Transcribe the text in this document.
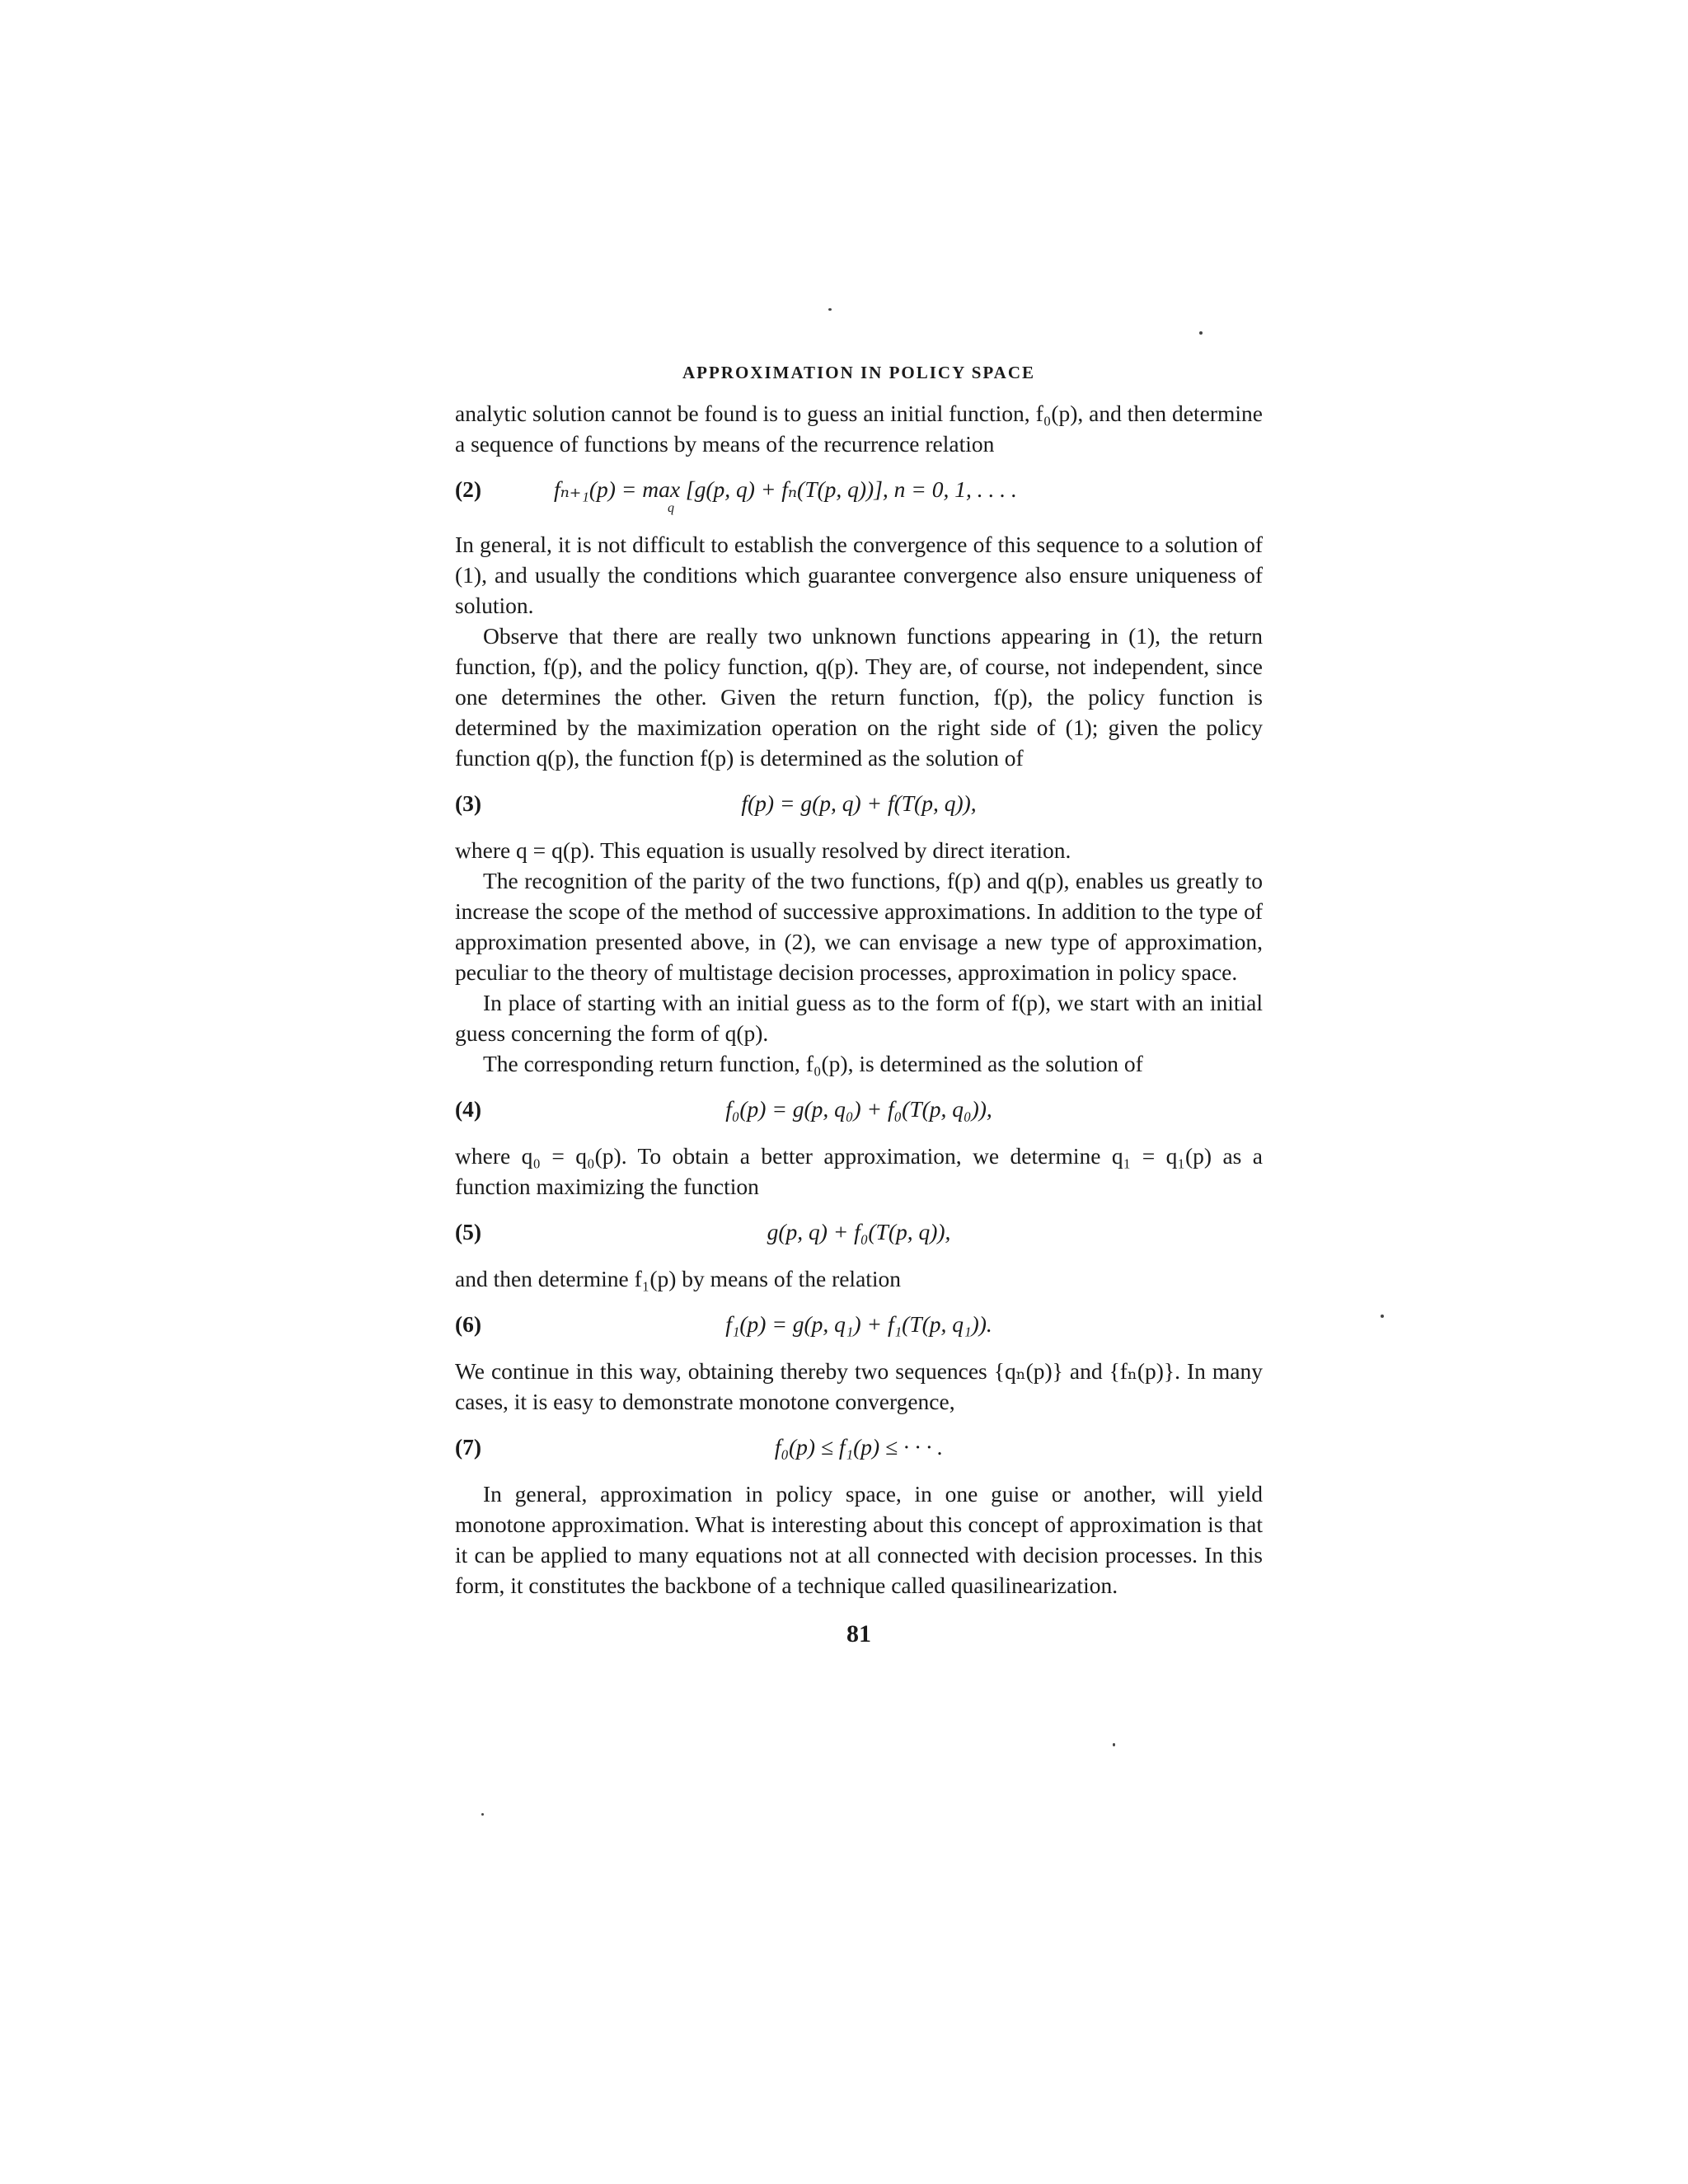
APPROXIMATION IN POLICY SPACE

analytic solution cannot be found is to guess an initial function, f₀(p), and then determine a sequence of functions by means of the recurrence relation

(2)	fₙ₊₁(p) = max [g(p, q) + fₙ(T(p, q))], n = 0, 1, . . . .
q

In general, it is not difficult to establish the convergence of this sequence to a solution of (1), and usually the conditions which guarantee convergence also ensure uniqueness of solution.

Observe that there are really two unknown functions appearing in (1), the return function, f(p), and the policy function, q(p). They are, of course, not independent, since one determines the other. Given the return function, f(p), the policy function is determined by the maximization operation on the right side of (1); given the policy function q(p), the function f(p) is determined as the solution of

(3)	f(p) = g(p, q) + f(T(p, q)),

where q = q(p). This equation is usually resolved by direct iteration.

The recognition of the parity of the two functions, f(p) and q(p), enables us greatly to increase the scope of the method of successive approximations. In addition to the type of approximation presented above, in (2), we can envisage a new type of approximation, peculiar to the theory of multistage decision processes, approximation in policy space.

In place of starting with an initial guess as to the form of f(p), we start with an initial guess concerning the form of q(p).

The corresponding return function, f₀(p), is determined as the solution of

(4)	f₀(p) = g(p, q₀) + f₀(T(p, q₀)),

where q₀ = q₀(p). To obtain a better approximation, we determine q₁ = q₁(p) as a function maximizing the function

(5)	g(p, q) + f₀(T(p, q)),

and then determine f₁(p) by means of the relation

(6)	f₁(p) = g(p, q₁) + f₁(T(p, q₁)).

We continue in this way, obtaining thereby two sequences {qₙ(p)} and {fₙ(p)}. In many cases, it is easy to demonstrate monotone convergence,

(7)	f₀(p) ≤ f₁(p) ≤ · · · .

In general, approximation in policy space, in one guise or another, will yield monotone approximation. What is interesting about this concept of approximation is that it can be applied to many equations not at all connected with decision processes. In this form, it constitutes the backbone of a technique called quasilinearization.

81
